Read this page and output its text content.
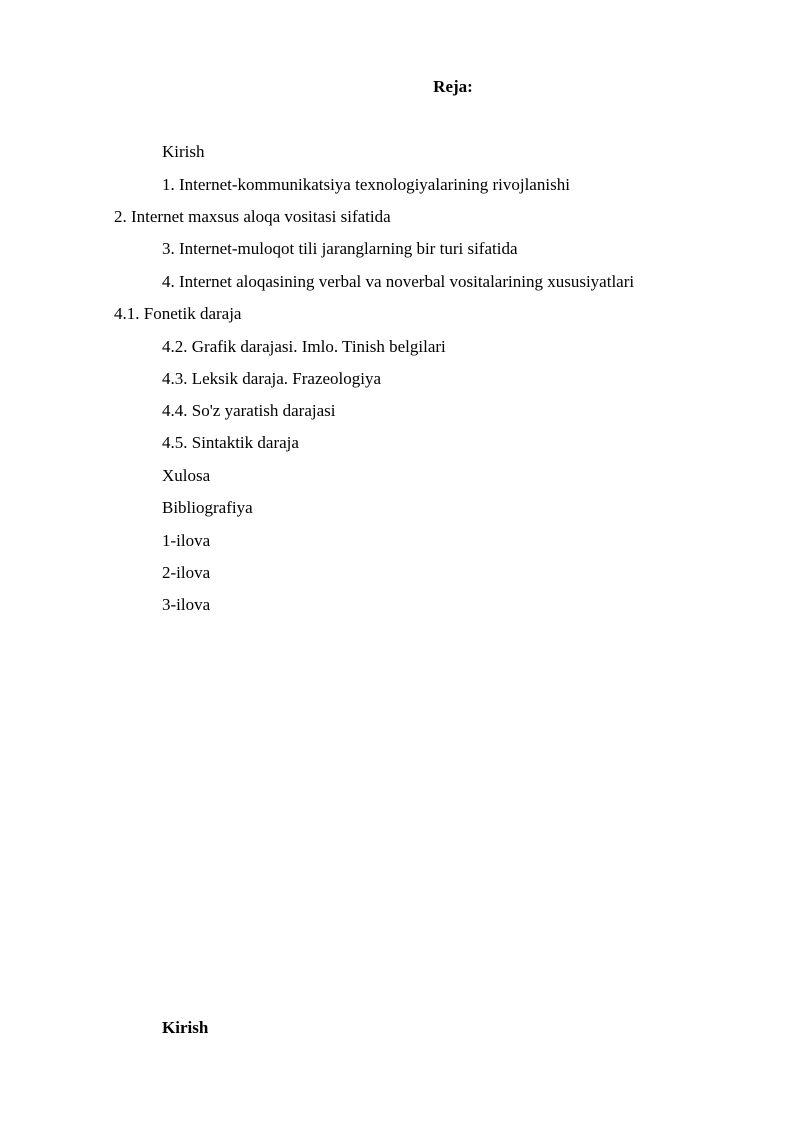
Reja:
Kirish
1. Internet-kommunikatsiya texnologiyalarining rivojlanishi
2. Internet maxsus aloqa vositasi sifatida
3. Internet-muloqot tili jaranglarning bir turi sifatida
4. Internet aloqasining verbal va noverbal vositalarining xususiyatlari
4.1. Fonetik daraja
4.2. Grafik darajasi. Imlo. Tinish belgilari
4.3. Leksik daraja. Frazeologiya
4.4. So'z yaratish darajasi
4.5. Sintaktik daraja
Xulosa
Bibliografiya
1-ilova
2-ilova
3-ilova
Kirish
